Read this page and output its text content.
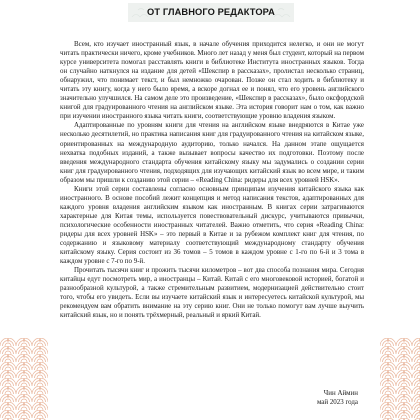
ОТ ГЛАВНОГО РЕДАКТОРА

Всем, кто изучает иностранный язык, в начале обучения приходится нелегко, и они не могут читать практически ничего, кроме учебников. Много лет назад у меня был студент, который на первом курсе университета помогал расставлять книги в библиотеке Института иностранных языков. Тогда он случайно наткнулся на издание для детей «Шекспир в рассказах», пролистал несколько страниц, обнаружил, что понимает текст, и был немножко очарован. Позже он стал ходить в библиотеку и читать эту книгу, когда у него было время, а вскоре догнал ее и понял, что его уровень английского значительно улучшился. На самом деле это произведение, «Шекспир в рассказах», было оксфордской книгой для градуированного чтения на английском языке. Эта история говорит нам о том, как важно при изучении иностранного языка читать книги, соответствующие уровню владения языком.

Адаптированные по уровням книги для чтения на английском языке внедряются в Китае уже несколько десятилетий, но практика написания книг для градуированного чтения на китайском языке, ориентированных на международную аудиторию, только начался. На данном этапе ощущается нехватка подобных изданий, а также вызывает вопросы качество их подготовки. Поэтому после введения международного стандарта обучения китайскому языку мы задумались о создании серии книг для градуированного чтения, подходящих для изучающих китайский язык во всем мире, и таким образом мы пришли к созданию этой серии – «Reading China: ридеры для всех уровней HSK».

Книги этой серии составлены согласно основным принципам изучения китайского языка как иностранного. В основе пособий лежит концепция и метод написания текстов, адаптированных для каждого уровня владения английским языком как иностранным. В книгах серии затрагиваются характерные для Китая темы, используется повествовательный дискурс, учитываются привычки, психологические особенности иностранных читателей. Важно отметить, что серия «Reading China: ридеры для всех уровней HSK» – это первый в Китае и за рубежом комплект книг для чтения, по содержанию и языковому материалу соответствующий международному стандарту обучения китайскому языку. Серия состоит из 36 томов – 5 томов в каждом уровне с 1-го по 6-й и 3 тома в каждом уровне с 7-го по 9-й.

Прочитать тысячи книг и прожить тысячи километров – вот два способа познания мира. Сегодня китайцы едут посмотреть мир, а иностранцы – Китай. Китай с его многовековой историей, богатой и разнообразной культурой, а также стремительным развитием, модернизацией действительно стоит того, чтобы его увидеть. Если вы изучаете китайский язык и интересуетесь китайской культурой, мы рекомендуем вам обратить внимание на эту серию книг. Они не только помогут вам лучше выучить китайский язык, но и понять трёхмерный, реальный и яркий Китай.

Чин Аймин
май 2023 года
